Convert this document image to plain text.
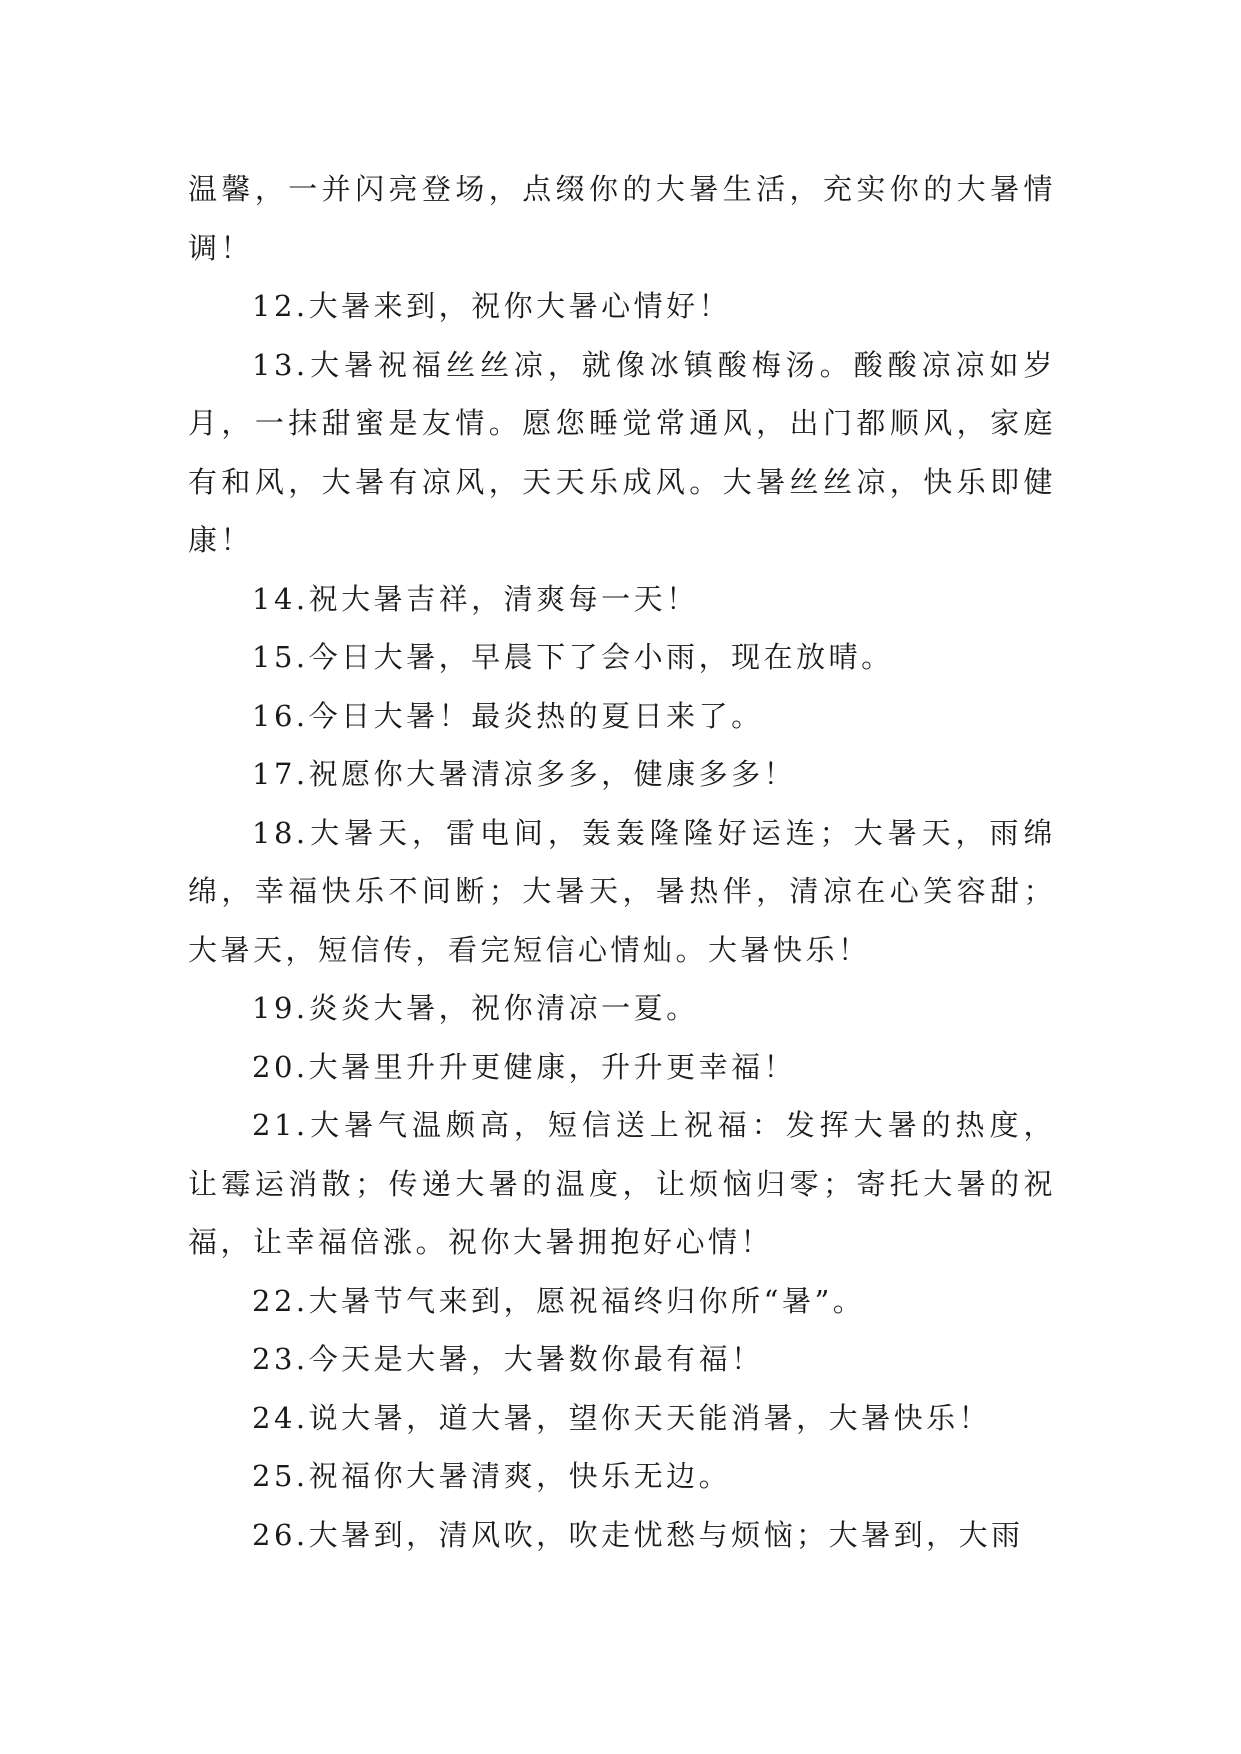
温馨，一并闪亮登场，点缀你的大暑生活，充实你的大暑情调！

12.大暑来到，祝你大暑心情好！

13.大暑祝福丝丝凉，就像冰镇酸梅汤。酸酸凉凉如岁月，一抹甜蜜是友情。愿您睡觉常通风，出门都顺风，家庭有和风，大暑有凉风，天天乐成风。大暑丝丝凉，快乐即健康！

14.祝大暑吉祥，清爽每一天！

15.今日大暑，早晨下了会小雨，现在放晴。

16.今日大暑！最炎热的夏日来了。

17.祝愿你大暑清凉多多，健康多多！

18.大暑天，雷电间，轰轰隆隆好运连；大暑天，雨绵绵，幸福快乐不间断；大暑天，暑热伴，清凉在心笑容甜；大暑天，短信传，看完短信心情灿。大暑快乐！

19.炎炎大暑，祝你清凉一夏。

20.大暑里升升更健康，升升更幸福！

21.大暑气温颇高，短信送上祝福：发挥大暑的热度，让霉运消散；传递大暑的温度，让烦恼归零；寄托大暑的祝福，让幸福倍涨。祝你大暑拥抱好心情！

22.大暑节气来到，愿祝福终归你所“暑”。

23.今天是大暑，大暑数你最有福！

24.说大暑，道大暑，望你天天能消暑，大暑快乐！

25.祝福你大暑清爽，快乐无边。

26.大暑到，清风吹，吹走忧愁与烦恼；大暑到，大雨
